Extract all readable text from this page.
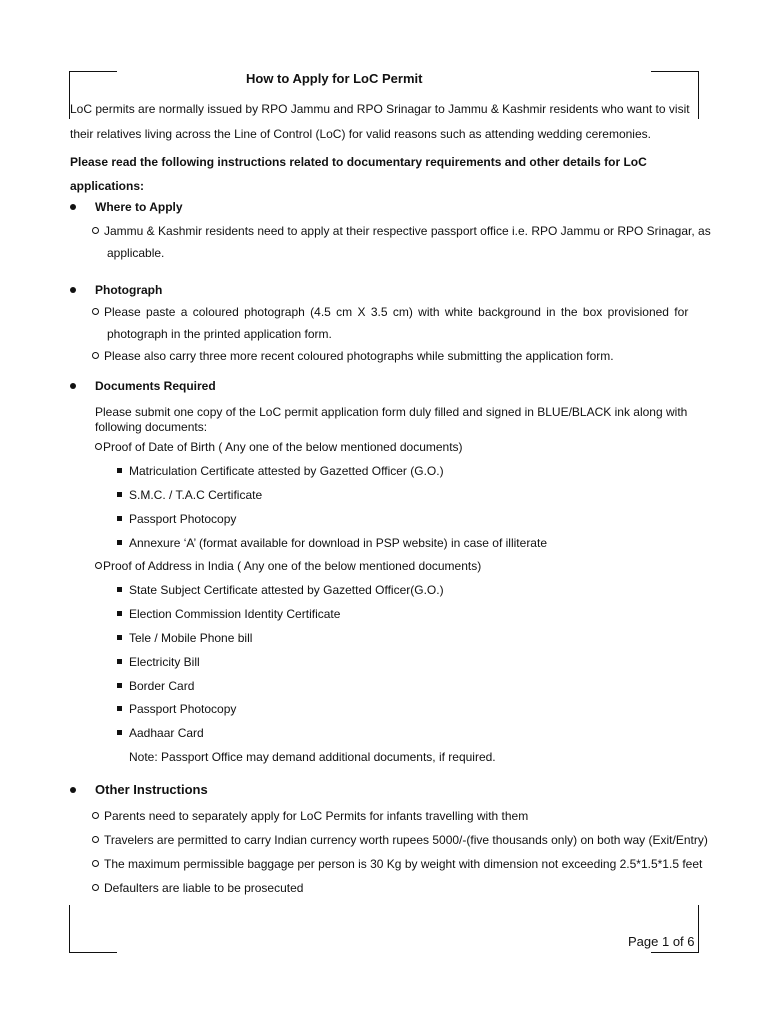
How to Apply for LoC Permit
LoC permits are normally issued by RPO Jammu and RPO Srinagar to Jammu & Kashmir residents who want to visit
their relatives living across the Line of Control (LoC) for valid reasons such as attending wedding ceremonies.
Please read the following instructions related to documentary requirements and other details for LoC
applications:
Where to Apply
Jammu & Kashmir residents need to apply at their respective passport office i.e. RPO Jammu or RPO Srinagar, as
applicable.
Photograph
Please paste a coloured photograph (4.5 cm X 3.5 cm) with white background in the box provisioned for
photograph in the printed application form.
Please also carry three more recent coloured photographs while submitting the application form.
Documents Required
Please submit one copy of the LoC permit application form duly filled and signed in BLUE/BLACK ink along with
following documents:
Proof of Date of Birth ( Any one of the below mentioned documents)
Matriculation Certificate attested by Gazetted Officer (G.O.)
S.M.C. / T.A.C Certificate
Passport Photocopy
Annexure ‘A’ (format available for download in PSP website) in case of illiterate
Proof of Address in India ( Any one of the below mentioned documents)
State Subject Certificate attested by Gazetted Officer(G.O.)
Election Commission Identity Certificate
Tele / Mobile Phone bill
Electricity Bill
Border Card
Passport Photocopy
Aadhaar Card
Note: Passport Office may demand additional documents, if required.
Other Instructions
Parents need to separately apply for LoC Permits for infants travelling with them
Travelers are permitted to carry Indian currency worth rupees 5000/-(five thousands only) on both way (Exit/Entry)
The maximum permissible baggage per person is 30 Kg by weight with dimension not exceeding 2.5*1.5*1.5 feet
Defaulters are liable to be prosecuted
Page 1 of 6
